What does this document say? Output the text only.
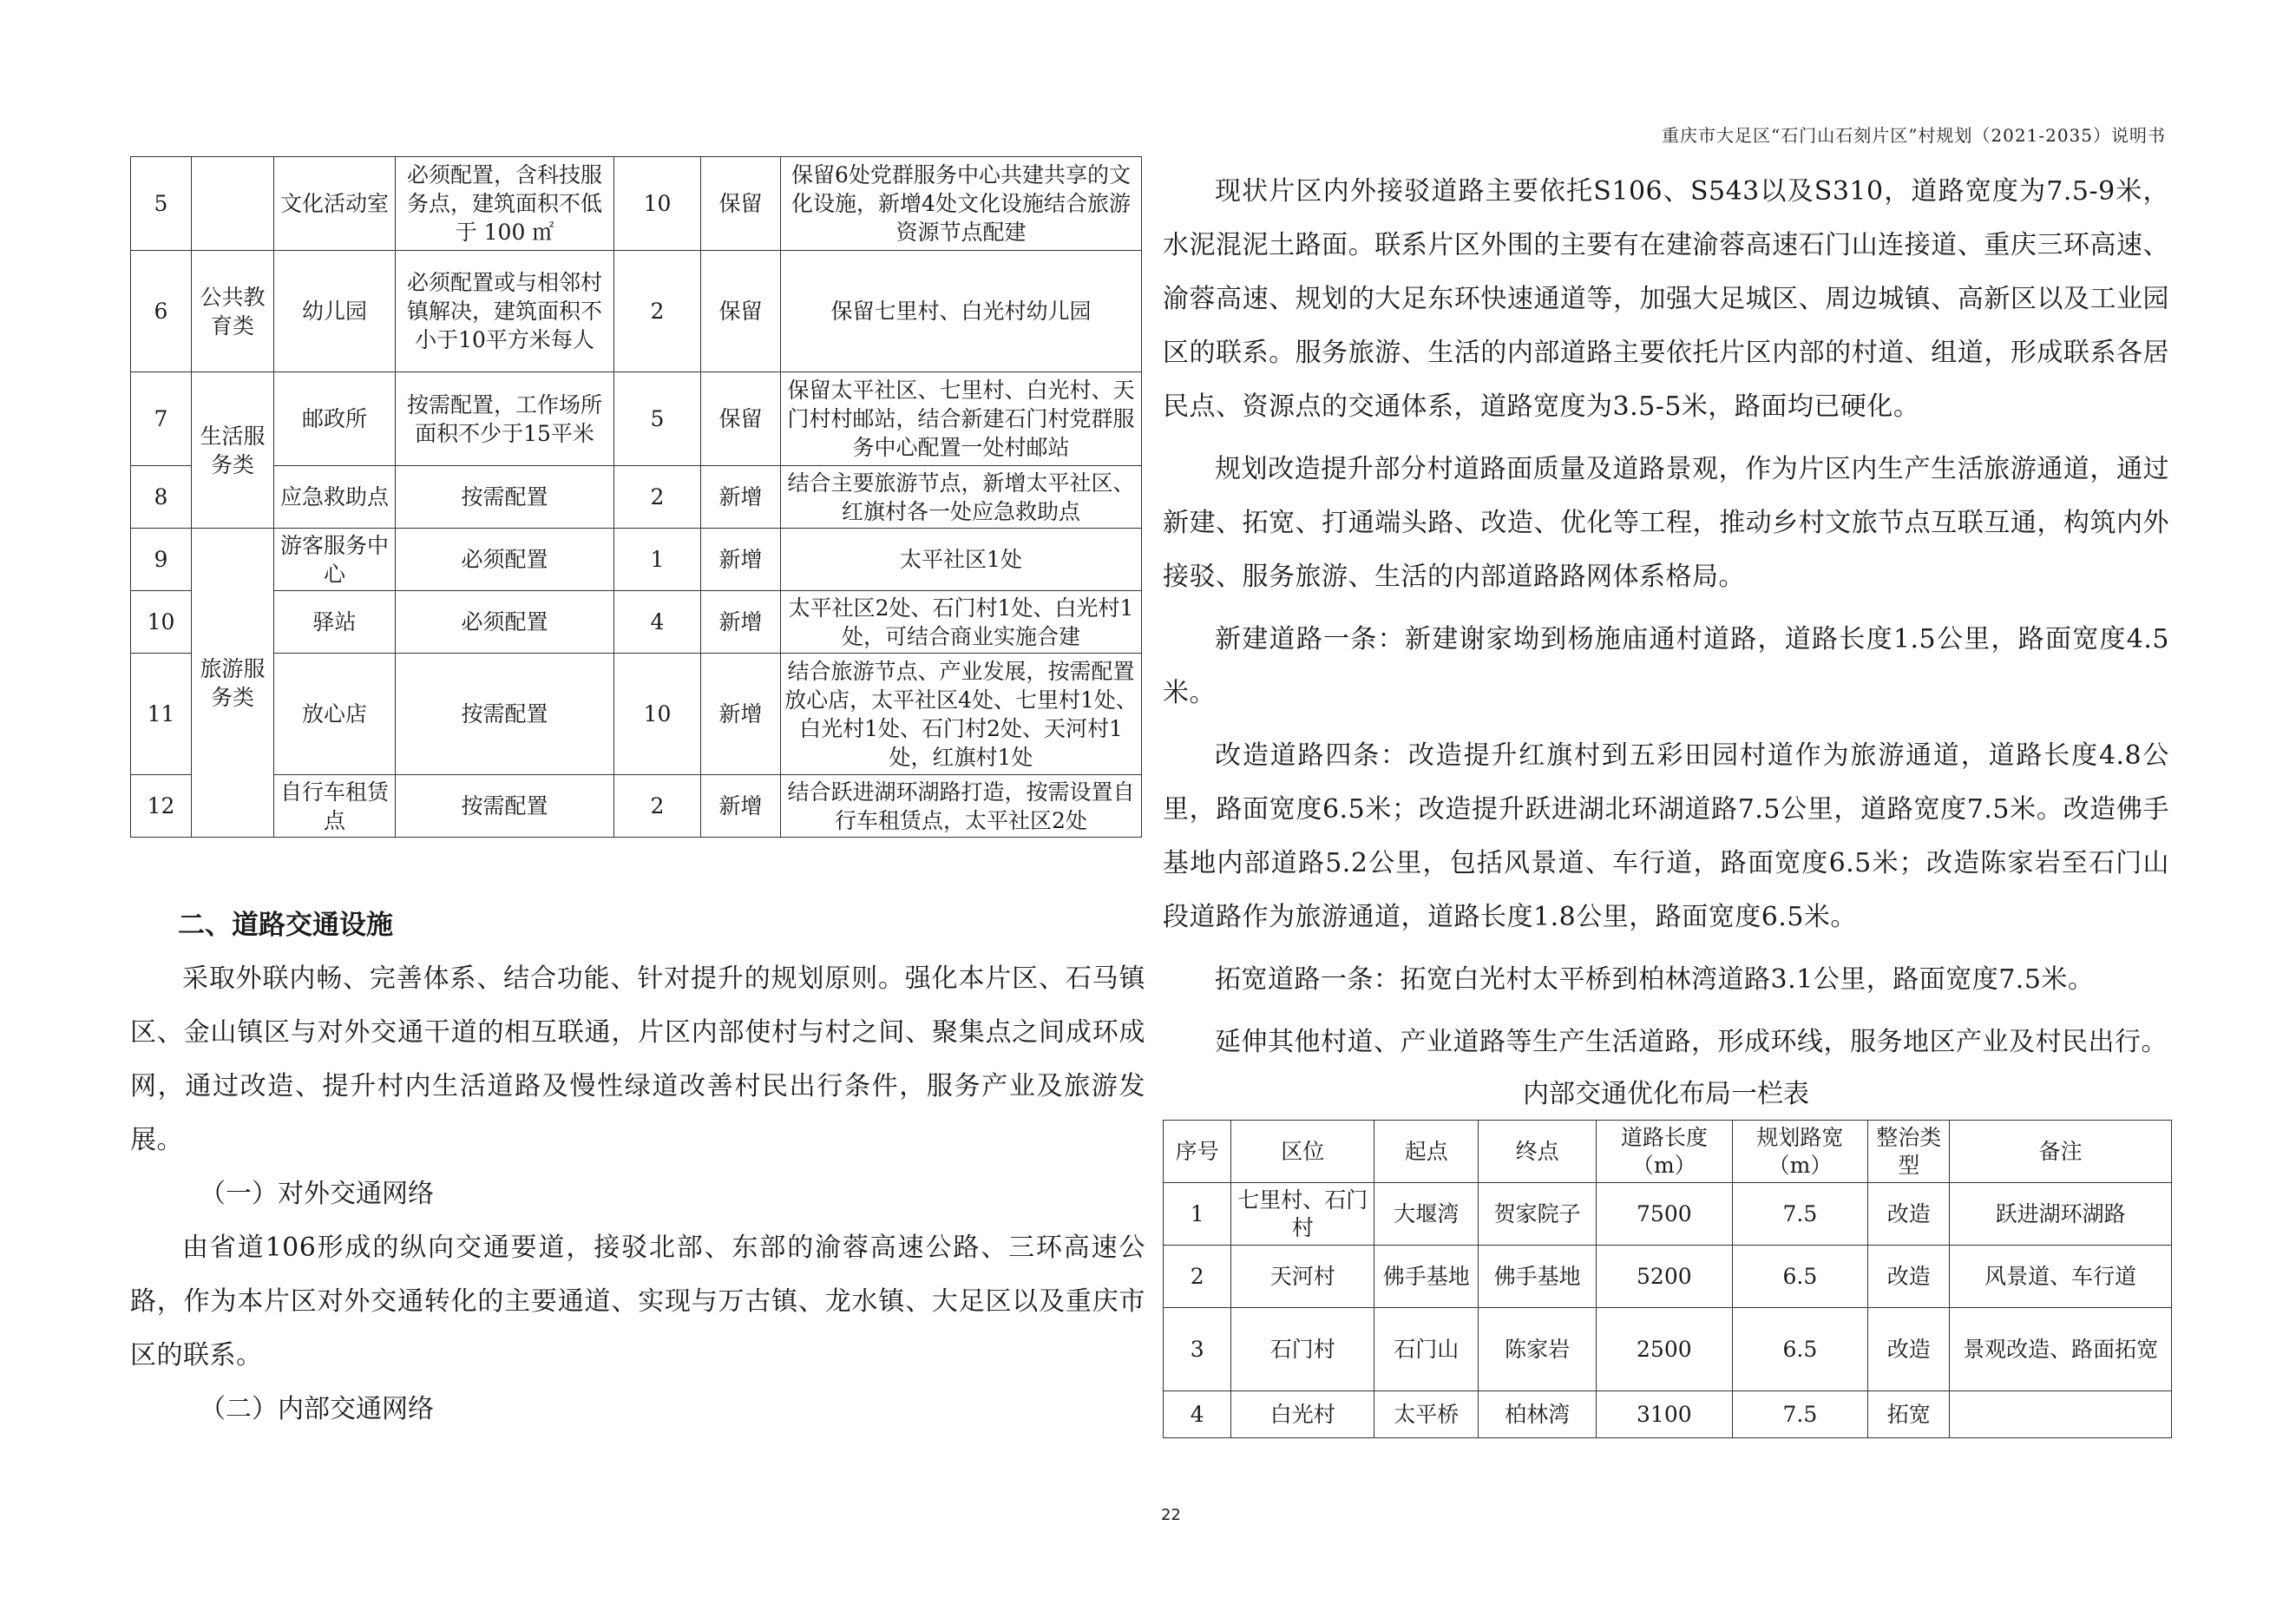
重庆市大足区“石门山石刻片区”村规划（2021-2035）说明书
5		文化活动室	必须配置，含科技服务点，建筑面积不低于 100 ㎡	10	保留	保留6处党群服务中心共建共享的文化设施，新增4处文化设施结合旅游资源节点配建
6	公共教育类	幼儿园	必须配置或与相邻村镇解决，建筑面积不小于10平方米每人	2	保留	保留七里村、白光村幼儿园
7	生活服务类	邮政所	按需配置，工作场所面积不少于15平米	5	保留	保留太平社区、七里村、白光村、天门村村邮站，结合新建石门村党群服务中心配置一处村邮站
8		应急救助点	按需配置	2	新增	结合主要旅游节点，新增太平社区、红旗村各一处应急救助点
9	旅游服务类	游客服务中心	必须配置	1	新增	太平社区1处
10		驿站	必须配置	4	新增	太平社区2处、石门村1处、白光村1处，可结合商业实施合建
11		放心店	按需配置	10	新增	结合旅游节点、产业发展，按需配置放心店，太平社区4处、七里村1处、白光村1处、石门村2处、天河村1处，红旗村1处
12		自行车租赁点	按需配置	2	新增	结合跃进湖环湖路打造，按需设置自行车租赁点，太平社区2处

二、道路交通设施

采取外联内畅、完善体系、结合功能、针对提升的规划原则。强化本片区、石马镇区、金山镇区与对外交通干道的相互联通，片区内部使村与村之间、聚集点之间成环成网，通过改造、提升村内生活道路及慢性绿道改善村民出行条件，服务产业及旅游发展。

（一）对外交通网络

由省道106形成的纵向交通要道，接驳北部、东部的渝蓉高速公路、三环高速公路，作为本片区对外交通转化的主要通道、实现与万古镇、龙水镇、大足区以及重庆市区的联系。

（二）内部交通网络

现状片区内外接驳道路主要依托S106、S543以及S310，道路宽度为7.5-9米，水泥混泥土路面。联系片区外围的主要有在建渝蓉高速石门山连接道、重庆三环高速、渝蓉高速、规划的大足东环快速通道等，加强大足城区、周边城镇、高新区以及工业园区的联系。服务旅游、生活的内部道路主要依托片区内部的村道、组道，形成联系各居民点、资源点的交通体系，道路宽度为3.5-5米，路面均已硬化。

规划改造提升部分村道路面质量及道路景观，作为片区内生产生活旅游通道，通过新建、拓宽、打通端头路、改造、优化等工程，推动乡村文旅节点互联互通，构筑内外接驳、服务旅游、生活的内部道路路网体系格局。

新建道路一条：新建谢家坳到杨施庙通村道路，道路长度1.5公里，路面宽度4.5米。

改造道路四条：改造提升红旗村到五彩田园村道作为旅游通道，道路长度4.8公里，路面宽度6.5米；改造提升跃进湖北环湖道路7.5公里，道路宽度7.5米。改造佛手基地内部道路5.2公里，包括风景道、车行道，路面宽度6.5米；改造陈家岩至石门山段道路作为旅游通道，道路长度1.8公里，路面宽度6.5米。

拓宽道路一条：拓宽白光村太平桥到柏林湾道路3.1公里，路面宽度7.5米。

延伸其他村道、产业道路等生产生活道路，形成环线，服务地区产业及村民出行。

内部交通优化布局一栏表

序号	区位	起点	终点	道路长度（m）	规划路宽（m）	整治类型	备注
1	七里村、石门村	大堰湾	贺家院子	7500	7.5	改造	跃进湖环湖路
2	天河村	佛手基地	佛手基地	5200	6.5	改造	风景道、车行道
3	石门村	石门山	陈家岩	2500	6.5	改造	景观改造、路面拓宽
4	白光村	太平桥	柏林湾	3100	7.5	拓宽	
22
